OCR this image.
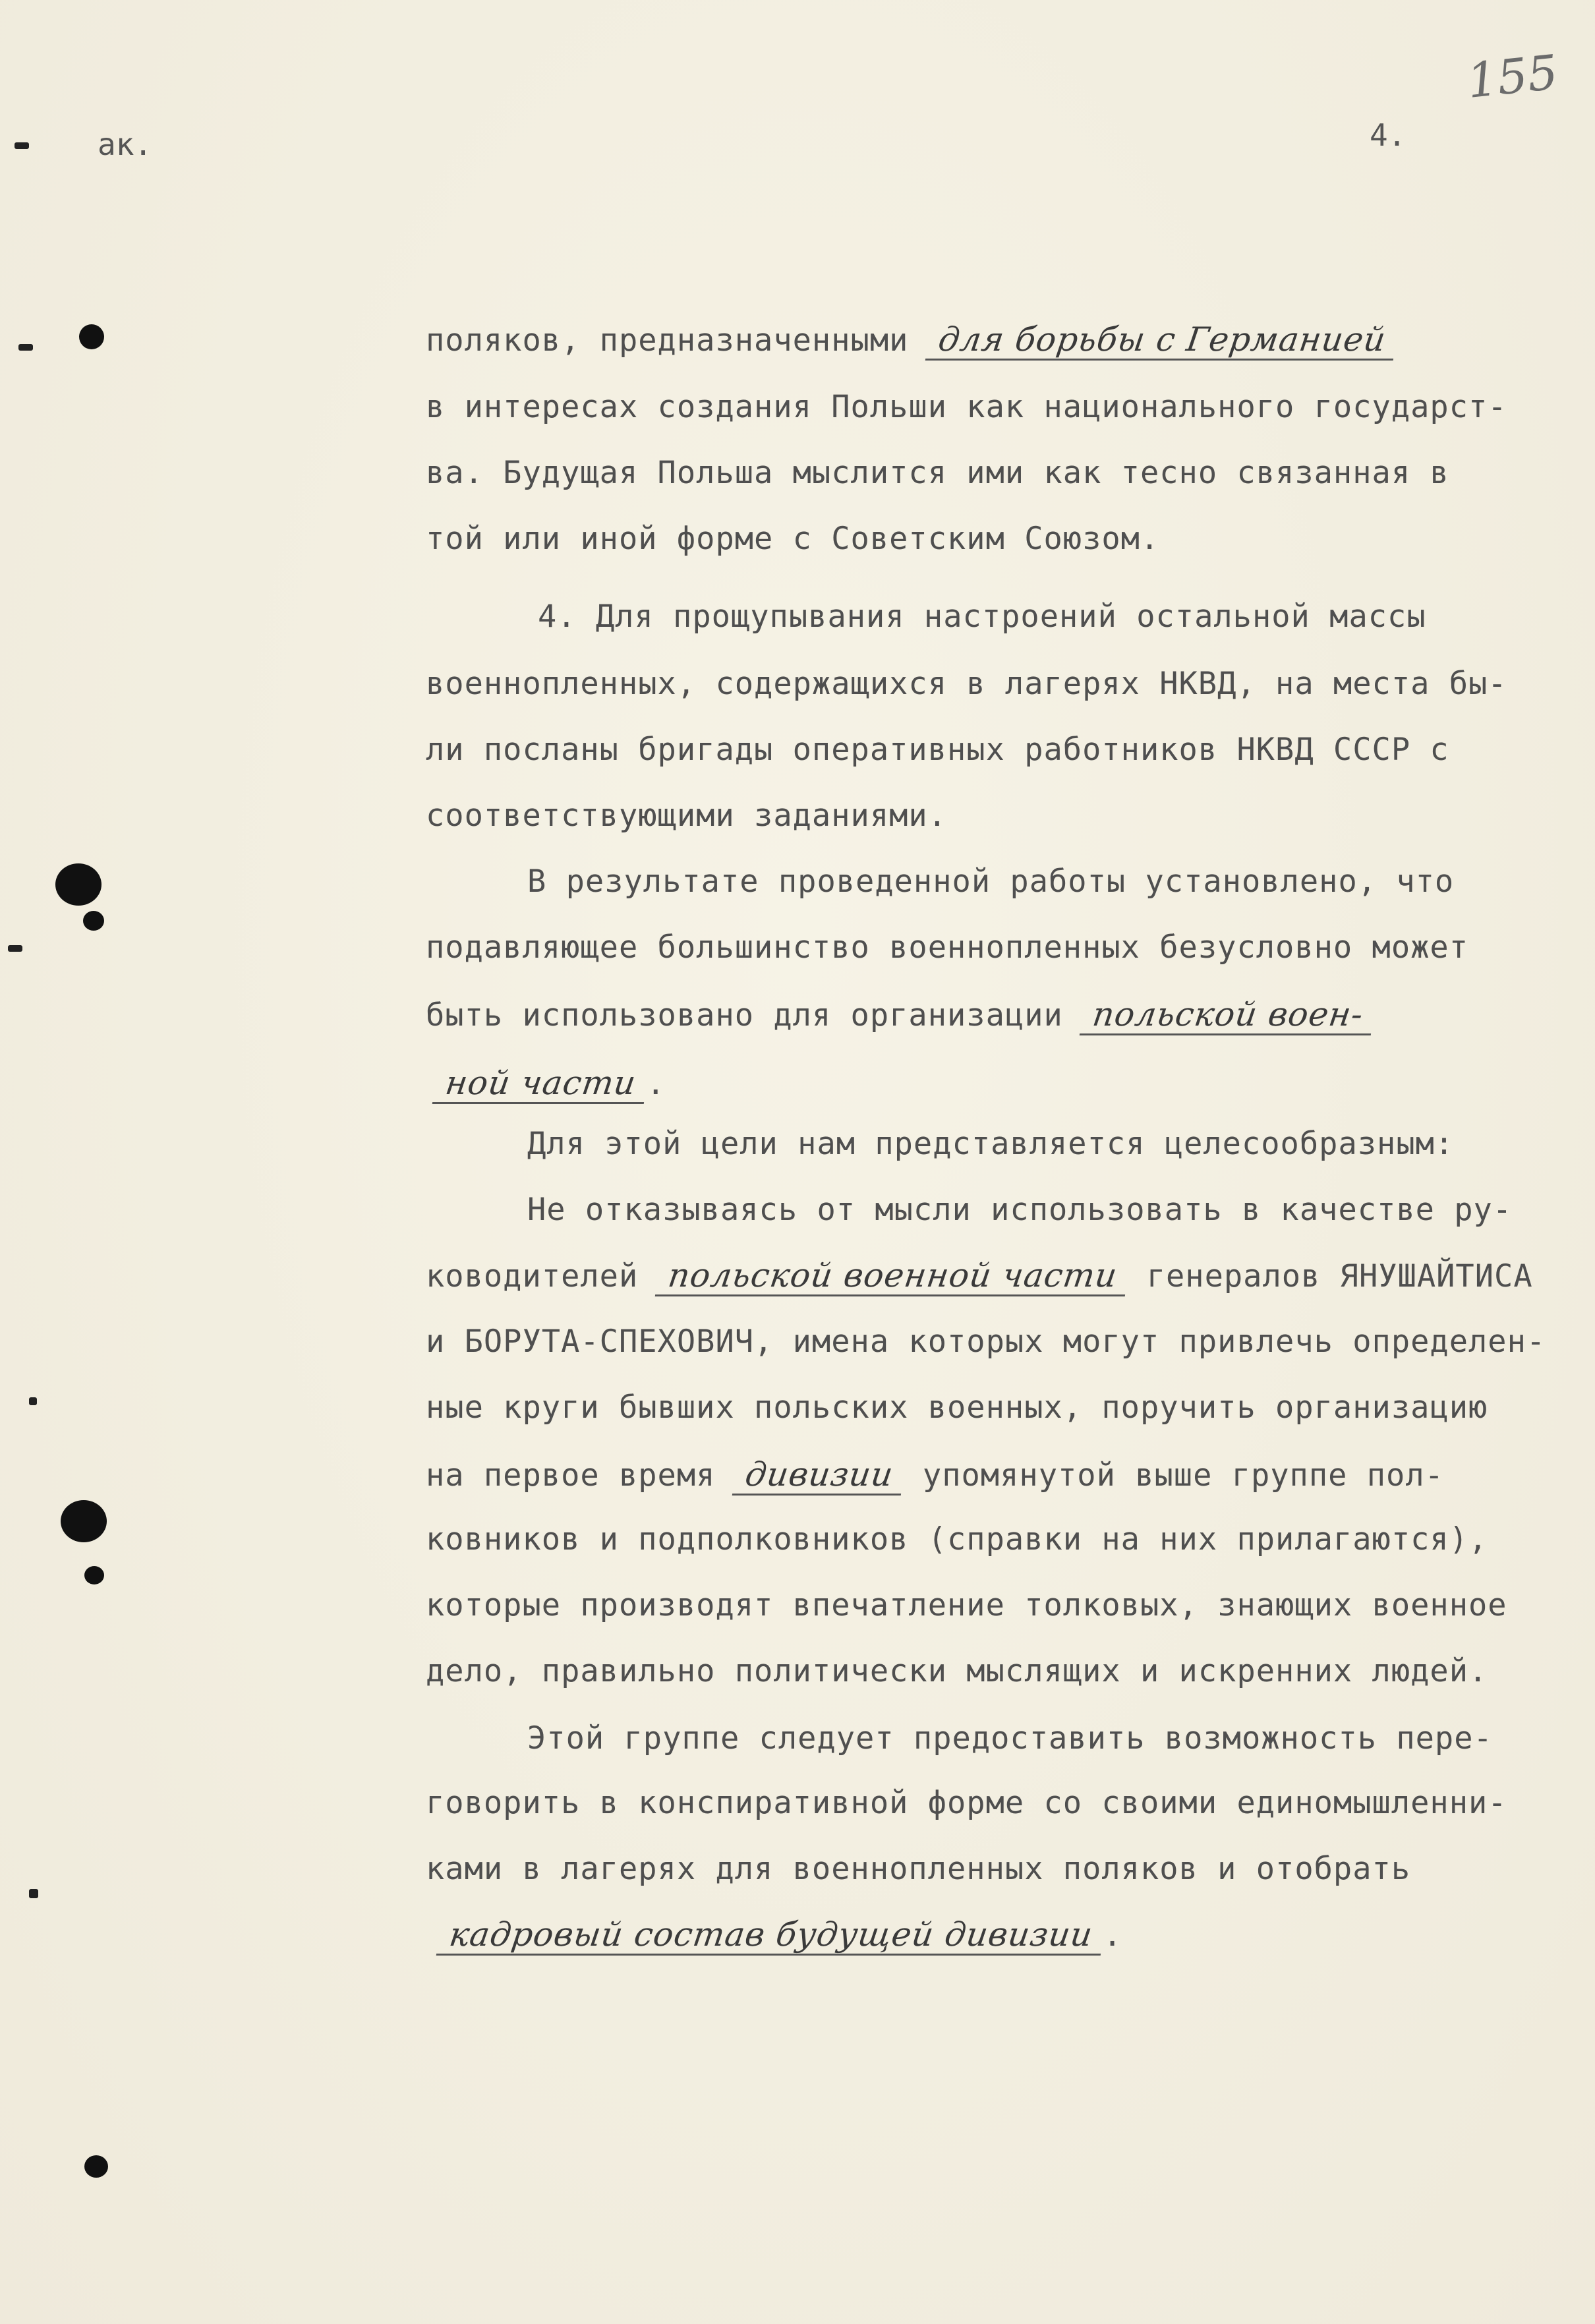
ак.	4.
155
поляков, предназначенными для борьбы с Германией
в интересах создания Польши как национального государст-
ва. Будущая Польша мыслится ими как тесно связанная в
той или иной форме с Советским Союзом.
4. Для прощупывания настроений остальной массы
военнопленных, содержащихся в лагерях НКВД, на места бы-
ли посланы бригады оперативных работников НКВД СССР с
соответствующими заданиями.
В результате проведенной работы установлено, что
подавляющее большинство военнопленных безусловно может
быть использовано для организации польской воен-
ной части .
Для этой цели нам представляется целесообразным:
Не отказываясь от мысли использовать в качестве ру-
ководителей польской военной части генералов ЯНУШАЙТИСА
и БОРУТА-СПЕХОВИЧ, имена которых могут привлечь определен-
ные круги бывших польских военных, поручить организацию
на первое время дивизии упомянутой выше группе пол-
ковников и подполковников (справки на них прилагаются),
которые производят впечатление толковых, знающих военное
дело, правильно политически мыслящих и искренних людей.
Этой группе следует предоставить возможность пере-
говорить в конспиративной форме со своими единомышленни-
ками в лагерях для военнопленных поляков и отобрать
кадровый состав будущей дивизии .
